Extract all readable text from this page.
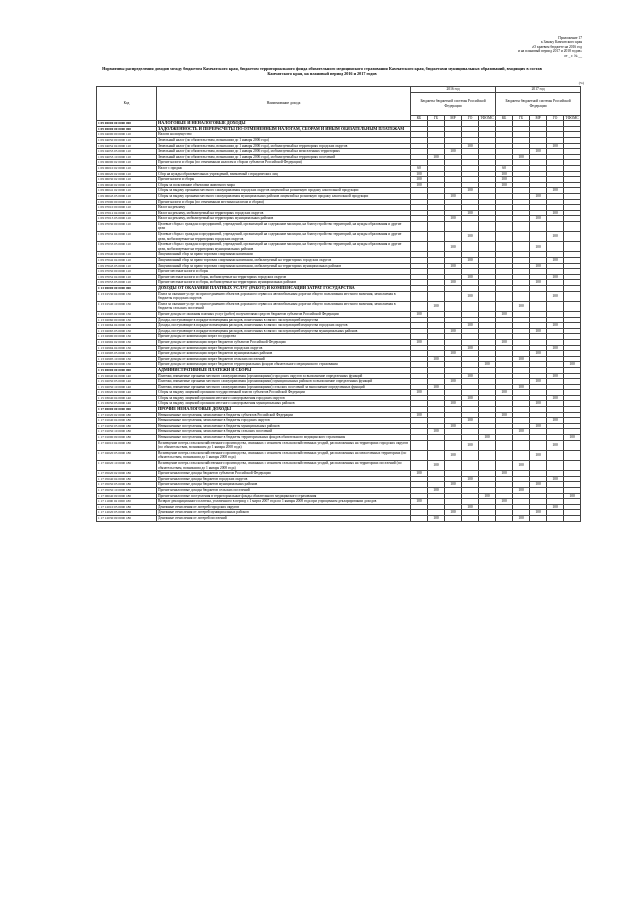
Приложение 17
к Закону Камчатского края
«О краевом бюджете на 2016 год
и на плановый период 2017 и 2018 годов»
от _ г. № __
Нормативы распределения доходов между бюджетом Камчатского края, бюджетом территориального фонда обязательного медицинского страхования Камчатского края, бюджетами муниципальных образований, входящих в состав Камчатского края, на плановый период 2016 и 2017 годов
(%)
Код	Наименование дохода	2016 год					2017 год				
		Бюджеты бюджетной системы Российской Федерации					Бюджеты бюджетной системы Российской Федерации				
		КБ	ГБ	МР	ГО	ТФОМС	КБ	ГБ	МР	ГО	ТФОМС
1 09 00000 00 0000 000	НАЛОГОВЫЕ И НЕНАЛОГОВЫЕ ДОХОДЫ										
1 09 00000 00 0000 000	ЗАДОЛЖЕННОСТЬ И ПЕРЕРАСЧЕТЫ ПО ОТМЕНЕННЫМ НАЛОГАМ, СБОРАМ И ИНЫМ ОБЯЗАТЕЛЬНЫМ ПЛАТЕЖАМ										
1 09 04000 00 0000 110	Налоги на имущество										
1 09 04050 00 0000 110	Земельный налог (по обязательствам, возникшим до 1 января 2006 года)										
1 09 04052 04 0000 110	Земельный налог (по обязательствам, возникшим до 1 января 2006 года), мобилизуемый на территориях городских округов				100					100	
1 09 04053 05 0000 110	Земельный налог (по обязательствам, возникшим до 1 января 2006 года), мобилизуемый на межселенных территориях			100					100		
1 09 04053 10 0000 110	Земельный налог (по обязательствам, возникшим до 1 января 2006 года), мобилизуемый на территориях поселений		100					100			
1 09 06000 02 0000 110	Прочие налоги и сборы (по отмененным налогам и сборам субъектов Российской Федерации)										
1 09 06010 02 0000 110	Налог с продаж	60					60				
1 09 06020 02 0000 110	Сбор на нужды образовательных учреждений, взимаемый с юридических лиц	100					100				
1 09 06030 02 0000 110	Прочие налоги и сборы	100					100				
1 09 06040 02 0000 110	Сборы за пользование объектами животного мира	100					100				
1 09 06041 02 0000 110	Сборы за выдачу органами местного самоуправления городских округов лицензий на розничную продажу алкогольной продукции				100					100	
1 09 06043 05 0000 110	Сборы за выдачу органами местного самоуправления муниципальных районов лицензий на розничную продажу алкогольной продукции			100					100		
1 09 07000 00 0000 110	Прочие налоги и сборы (по отмененным местным налогам и сборам)										
1 09 07010 00 0000 110	Налог на рекламу										
1 09 07012 04 0000 110	Налог на рекламу, мобилизуемый на территориях городских округов				100					100	
1 09 07013 05 0000 110	Налог на рекламу, мобилизуемый на территориях муниципальных районов			100					100		
1 09 07030 00 0000 110	Целевые сборы с граждан и предприятий, учреждений, организаций на содержание милиции, на благоустройство территорий, на нужды образования и другие цели										
1 09 07032 04 0000 110	Целевые сборы с граждан и предприятий, учреждений, организаций на содержание милиции, на благоустройство территорий, на нужды образования и другие цели, мобилизуемые на территориях городских округов				100					100	
1 09 07033 05 0000 110	Целевые сборы с граждан и предприятий, учреждений, организаций на содержание милиции, на благоустройство территорий, на нужды образования и другие цели, мобилизуемые на территориях муниципальных районов			100					100		
1 09 07040 00 0000 110	Лицензионный сбор за право торговли спиртными напитками										
1 09 07042 04 0000 110	Лицензионный сбор за право торговли спиртными напитками, мобилизуемый на территориях городских округов				100					100	
1 09 07043 05 0000 110	Лицензионный сбор за право торговли спиртными напитками, мобилизуемый на территориях муниципальных районов			100					100		
1 09 07050 00 0000 110	Прочие местные налоги и сборы										
1 09 07052 04 0000 110	Прочие местные налоги и сборы, мобилизуемые на территориях городских округов				100					100	
1 09 07053 05 0000 110	Прочие местные налоги и сборы, мобилизуемые на территориях муниципальных районов			100					100		
1 13 00000 00 0000 000	ДОХОДЫ ОТ ОКАЗАНИЯ ПЛАТНЫХ УСЛУГ (РАБОТ) И КОМПЕНСАЦИИ ЗАТРАТ ГОСУДАРСТВА										
1 13 01530 04 0000 130	Плата за оказание услуг по присоединению объектов дорожного сервиса к автомобильным дорогам общего пользования местного значения, зачисляемая в бюджеты городских округов				100					100	
1 13 01540 10 0000 130	Плата за оказание услуг по присоединению объектов дорожного сервиса к автомобильным дорогам общего пользования местного значения, зачисляемая в бюджеты сельских поселений		100					100			
1 13 01995 02 0000 130	Прочие доходы от оказания платных услуг (работ) получателями средств бюджетов субъектов Российской Федерации	100					100				
1 13 02060 00 0000 130	Доходы, поступающие в порядке возмещения расходов, понесенных в связи с эксплуатацией имущества										
1 13 02064 04 0000 130	Доходы, поступающие в порядке возмещения расходов, понесенных в связи с эксплуатацией имущества городских округов				100					100	
1 13 02065 05 0000 130	Доходы, поступающие в порядке возмещения расходов, понесенных в связи с эксплуатацией имущества муниципальных районов			100					100		
1 13 02990 00 0000 130	Прочие доходы от компенсации затрат государства										
1 13 02992 02 0000 130	Прочие доходы от компенсации затрат бюджетов субъектов Российской Федерации	100					100				
1 13 02994 04 0000 130	Прочие доходы от компенсации затрат бюджетов городских округов				100					100	
1 13 02995 05 0000 130	Прочие доходы от компенсации затрат бюджетов муниципальных районов			100					100		
1 13 02995 10 0000 130	Прочие доходы от компенсации затрат бюджетов сельских поселений		100					100			
1 13 02999 09 0000 130	Прочие доходы от компенсации затрат бюджетов территориальных фондов обязательного медицинского страхования					100					100
1 15 00000 00 0000 000	АДМИНИСТРАТИВНЫЕ ПЛАТЕЖИ И СБОРЫ										
1 15 02040 04 0000 140	Платежи, взимаемые органами местного самоуправления (организациями) городских округов за выполнение определенных функций				100					100	
1 15 02050 05 0000 140	Платежи, взимаемые органами местного самоуправления (организациями) муниципальных районов за выполнение определенных функций			100					100		
1 15 02050 10 0000 140	Платежи, взимаемые органами местного самоуправления (организациями) сельских поселений за выполнение определенных функций		100					100			
1 15 03020 02 0000 140	Сборы за выдачу лицензий органами государственной власти субъектов Российской Федерации	100					100				
1 15 03040 04 0000 140	Сборы за выдачу лицензий органами местного самоуправления городских округов				100					100	
1 15 03050 05 0000 140	Сборы за выдачу лицензий органами местного самоуправления муниципальных районов			100					100		
1 17 00000 00 0000 000	ПРОЧИЕ НЕНАЛОГОВЫЕ ДОХОДЫ										
1 17 01020 02 0000 180	Невыясненные поступления, зачисляемые в бюджеты субъектов Российской Федерации	100					100				
1 17 01040 04 0000 180	Невыясненные поступления, зачисляемые в бюджеты городских округов				100					100	
1 17 01050 05 0000 180	Невыясненные поступления, зачисляемые в бюджеты муниципальных районов			100					100		
1 17 01050 10 0000 180	Невыясненные поступления, зачисляемые в бюджеты сельских поселений		100					100			
1 17 01090 09 0000 180	Невыясненные поступления, зачисляемые в бюджеты территориальных фондов обязательного медицинского страхования					100					100
1 17 02010 04 0000 180	Возмещение потерь сельскохозяйственного производства, связанных с изъятием сельскохозяйственных угодий, расположенных на территориях городских округов (по обязательствам, возникшим до 1 января 2008 года)				100					100	
1 17 02020 05 0000 180	Возмещение потерь сельскохозяйственного производства, связанных с изъятием сельскохозяйственных угодий, расположенных на межселенных территориях (по обязательствам, возникшим до 1 января 2008 года)			100					100		
1 17 02020 10 0000 180	Возмещение потерь сельскохозяйственного производства, связанных с изъятием сельскохозяйственных угодий, расположенных на территориях поселений (по обязательствам, возникшим до 1 января 2008 года)		100					100			
1 17 05020 02 0000 180	Прочие неналоговые доходы бюджетов субъектов Российской Федерации	100					100				
1 17 05040 04 0000 180	Прочие неналоговые доходы бюджетов городских округов				100					100	
1 17 05050 05 0000 180	Прочие неналоговые доходы бюджетов муниципальных районов			100					100		
1 17 05050 10 0000 180	Прочие неналоговые доходы бюджетов сельских поселений		100					100			
1 17 06040 09 0000 180	Прочие неналоговые поступления в территориальные фонды обязательного медицинского страхования					100					100
1 17 11000 02 0000 180	Возврат декларационного платежа, уплаченного в период с 1 марта 2007 года по 1 января 2008 года при упрощенном декларировании доходов	100					100				
1 17 12010 05 0000 180	Денежные отчисления от лотерей городских округов				100					100	
1 17 12020 05 0000 180	Денежные отчисления от лотерей муниципальных районов			100					100		
1 17 12030 09 0000 180	Денежные отчисления от лотерей поселений		100					100			
